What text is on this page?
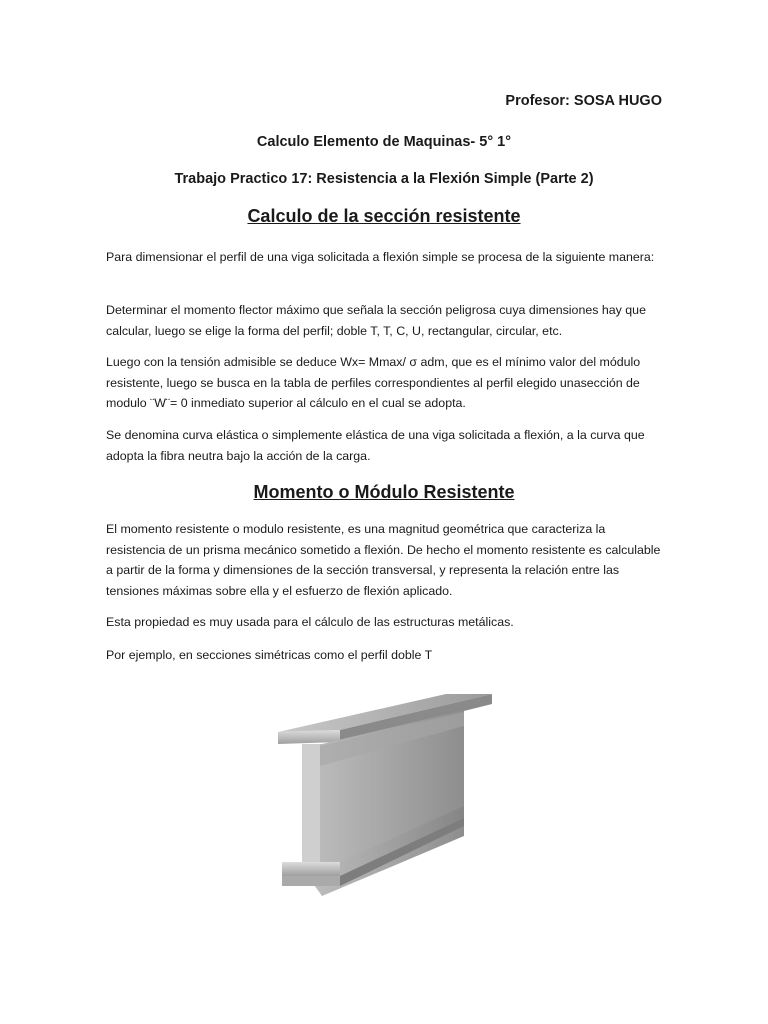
Profesor: SOSA HUGO
Calculo Elemento de Maquinas- 5° 1°
Trabajo Practico 17: Resistencia a la Flexión Simple (Parte 2)
Calculo de la sección resistente

Para dimensionar el perfil de una viga solicitada a flexión simple se procesa de la siguiente manera:

Determinar el momento flector máximo que señala la sección peligrosa cuya dimensiones hay que calcular, luego se elige la forma del perfil; doble T, T, C, U, rectangular, circular, etc.

Luego con la tensión admisible se deduce Wx= Mmax/ σ adm, que es el mínimo valor del módulo resistente, luego se busca en la tabla de perfiles correspondientes al perfil elegido unasección de modulo ¨W¨= 0 inmediato superior al cálculo en el cual se adopta.

Se denomina curva elástica o simplemente elástica de una viga solicitada a flexión, a la curva que adopta la fibra neutra bajo la acción de la carga.

Momento o Módulo Resistente

El momento resistente o modulo resistente, es una magnitud geométrica que caracteriza la resistencia de un prisma mecánico sometido a flexión. De hecho el momento resistente es calculable a partir de la forma y dimensiones de la sección transversal, y representa la relación entre las tensiones máximas sobre ella y el esfuerzo de flexión aplicado.

Esta propiedad es muy usada para el cálculo de las estructuras metálicas.

Por ejemplo, en secciones simétricas como el perfil doble T
